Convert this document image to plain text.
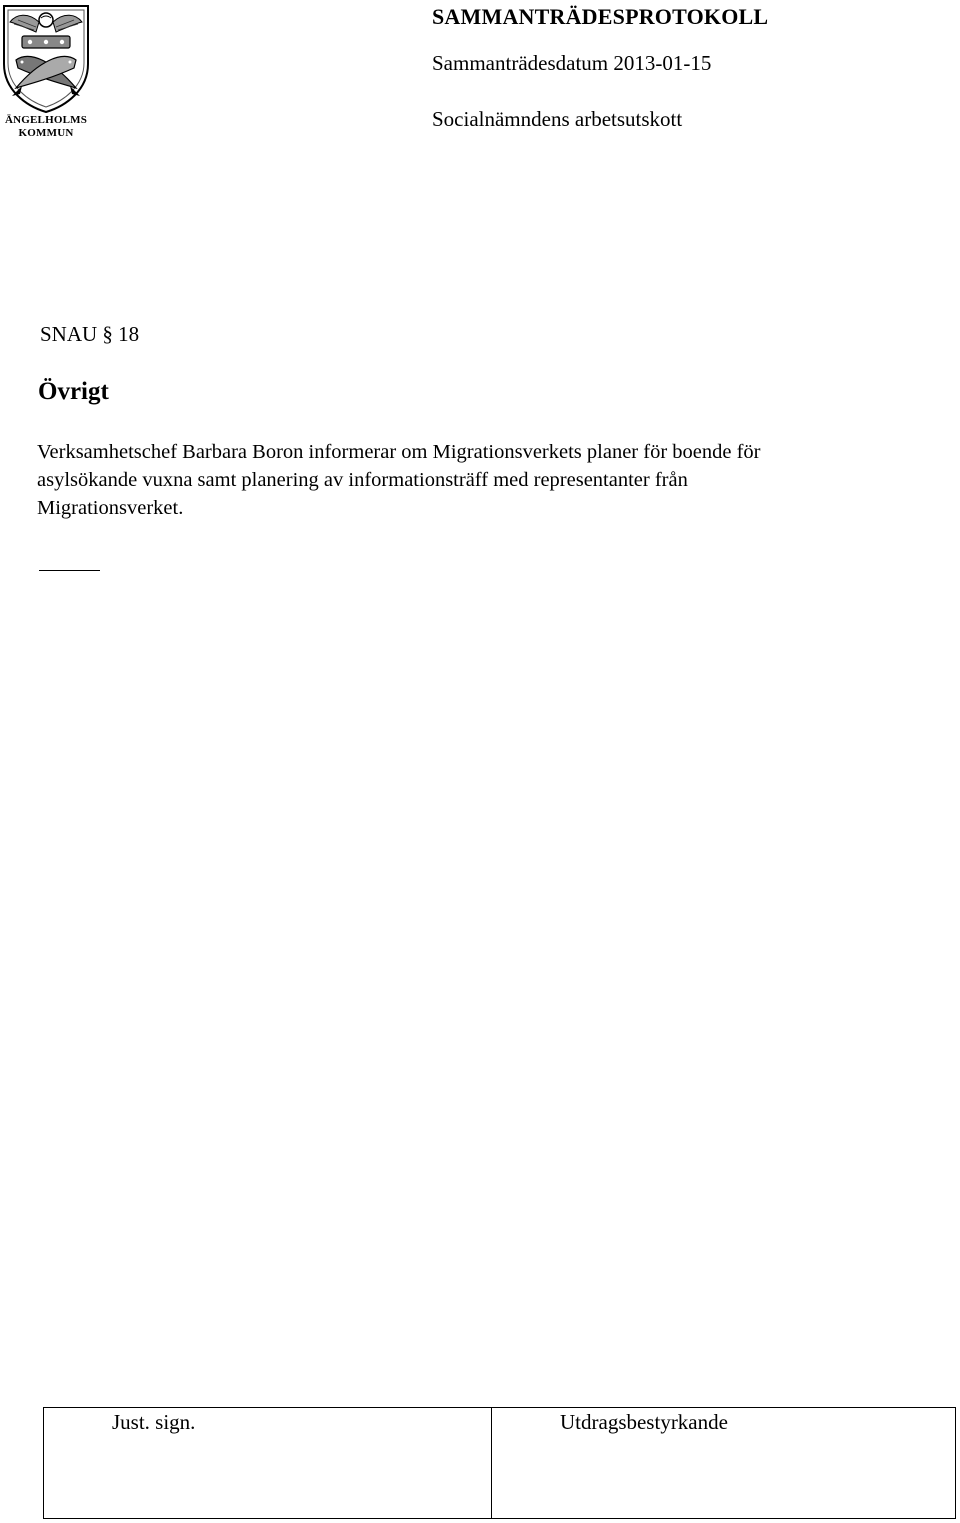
ÄNGELHOLMS
KOMMUN
SAMMANTRÄDESPROTOKOLL
Sammanträdesdatum 2013-01-15
Socialnämndens arbetsutskott
SNAU § 18
Övrigt
Verksamhetschef Barbara Boron informerar om Migrationsverkets planer för boende för
asylsökande vuxna samt planering av informationsträff med representanter från
Migrationsverket.
Just. sign.	Utdragsbestyrkande
